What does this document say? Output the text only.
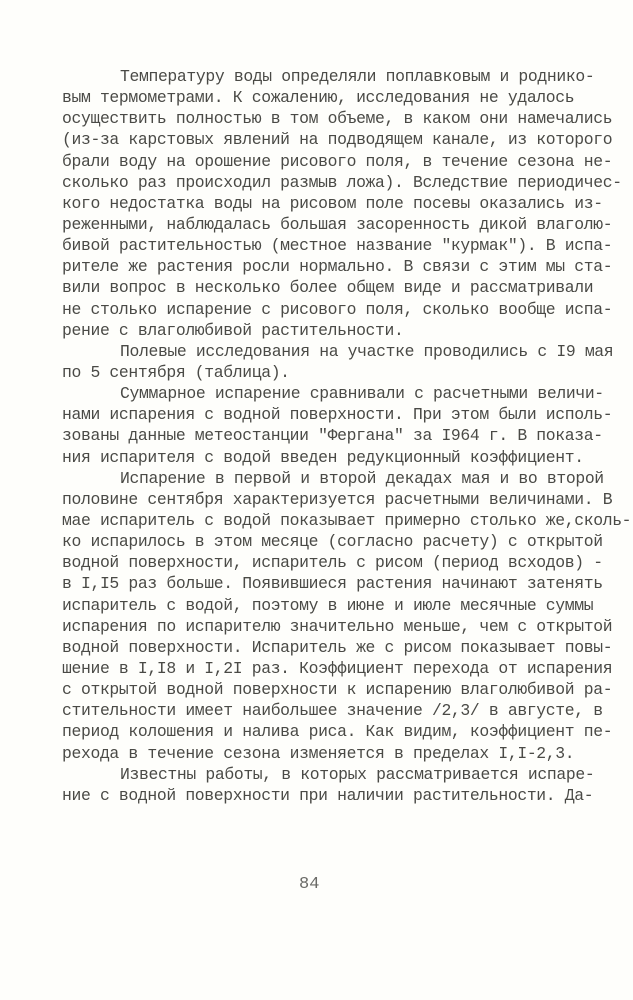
Температуру воды определяли поплавковым и роднико-
вым термометрами. К сожалению, исследования не удалось
осуществить полностью в том объеме, в каком они намечались
(из-за карстовых явлений на подводящем канале, из которого
брали воду на орошение рисового поля, в течение сезона не-
сколько раз происходил размыв ложа). Вследствие периодичес-
кого недостатка воды на рисовом поле посевы оказались из-
реженными, наблюдалась большая засоренность дикой влаголю-
бивой растительностью (местное название "курмак"). В испа-
рителе же растения росли нормально. В связи с этим мы ста-
вили вопрос в несколько более общем виде и рассматривали
не столько испарение с рисового поля, сколько вообще испа-
рение с влаголюбивой растительности.
Полевые исследования на участке проводились с I9 мая
по 5 сентября (таблица).
Суммарное испарение сравнивали с расчетными величи-
нами испарения с водной поверхности. При этом были исполь-
зованы данные метеостанции "Фергана" за I964 г. В показа-
ния испарителя с водой введен редукционный коэффициент.
Испарение в первой и второй декадах мая и во второй
половине сентября характеризуется расчетными величинами. В
мае испаритель с водой показывает примерно столько же,сколь-
ко испарилось в этом месяце (согласно расчету) с открытой
водной поверхности, испаритель с рисом (период всходов) -
в I,I5 раз больше. Появившиеся растения начинают затенять
испаритель с водой, поэтому в июне и июле месячные суммы
испарения по испарителю значительно меньше, чем с открытой
водной поверхности. Испаритель же с рисом показывает повы-
шение в I,I8 и I,2I раз. Коэффициент перехода от испарения
с открытой водной поверхности к испарению влаголюбивой ра-
стительности имеет наибольшее значение /2,3/ в августе, в
период колошения и налива риса. Как видим, коэффициент пе-
рехода в течение сезона изменяется в пределах I,I-2,3.
Известны работы, в которых рассматривается испаре-
ние с водной поверхности при наличии растительности. Да-
84
